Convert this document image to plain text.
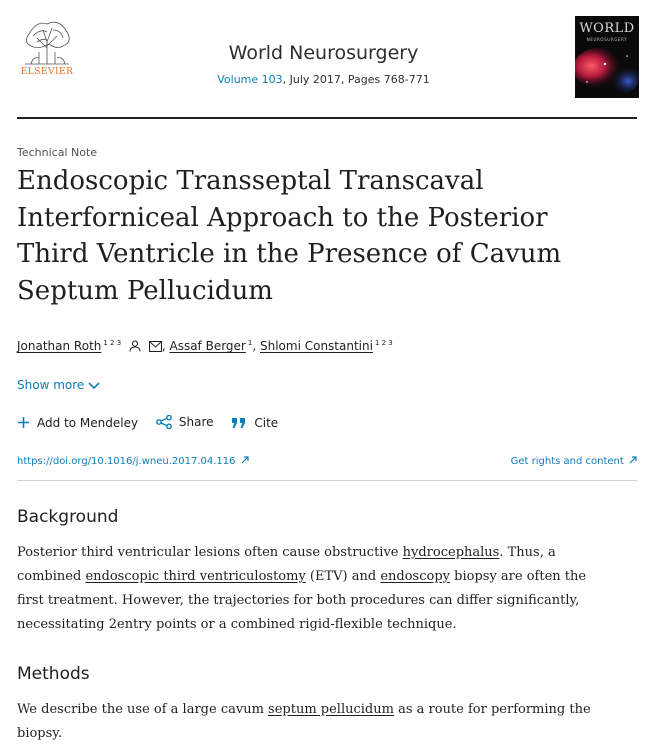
ELSEVIER
World Neurosurgery
Volume 103, July 2017, Pages 768-771
WORLD
NEUROSURGERY
Technical Note
Endoscopic Transseptal Transcaval Interforniceal Approach to the Posterior Third Ventricle in the Presence of Cavum Septum Pellucidum
Jonathan Roth $^{1 2 3}$	, Assaf Berger $^1$, Shlomi Constantini $^{1 2 3}$
Show more
Add to Mendeley
	Share
	Cite
https://doi.org/10.1016/j.wneu.2017.04.116	Get rights and content
Background
Posterior third ventricular lesions often cause obstructive hydrocephalus. Thus, a
combined endoscopic third ventriculostomy (ETV) and endoscopy biopsy are often the
first treatment. However, the trajectories for both procedures can differ significantly,
necessitating 2entry points or a combined rigid-flexible technique.
Methods
We describe the use of a large cavum septum pellucidum as a route for performing the
biopsy.
